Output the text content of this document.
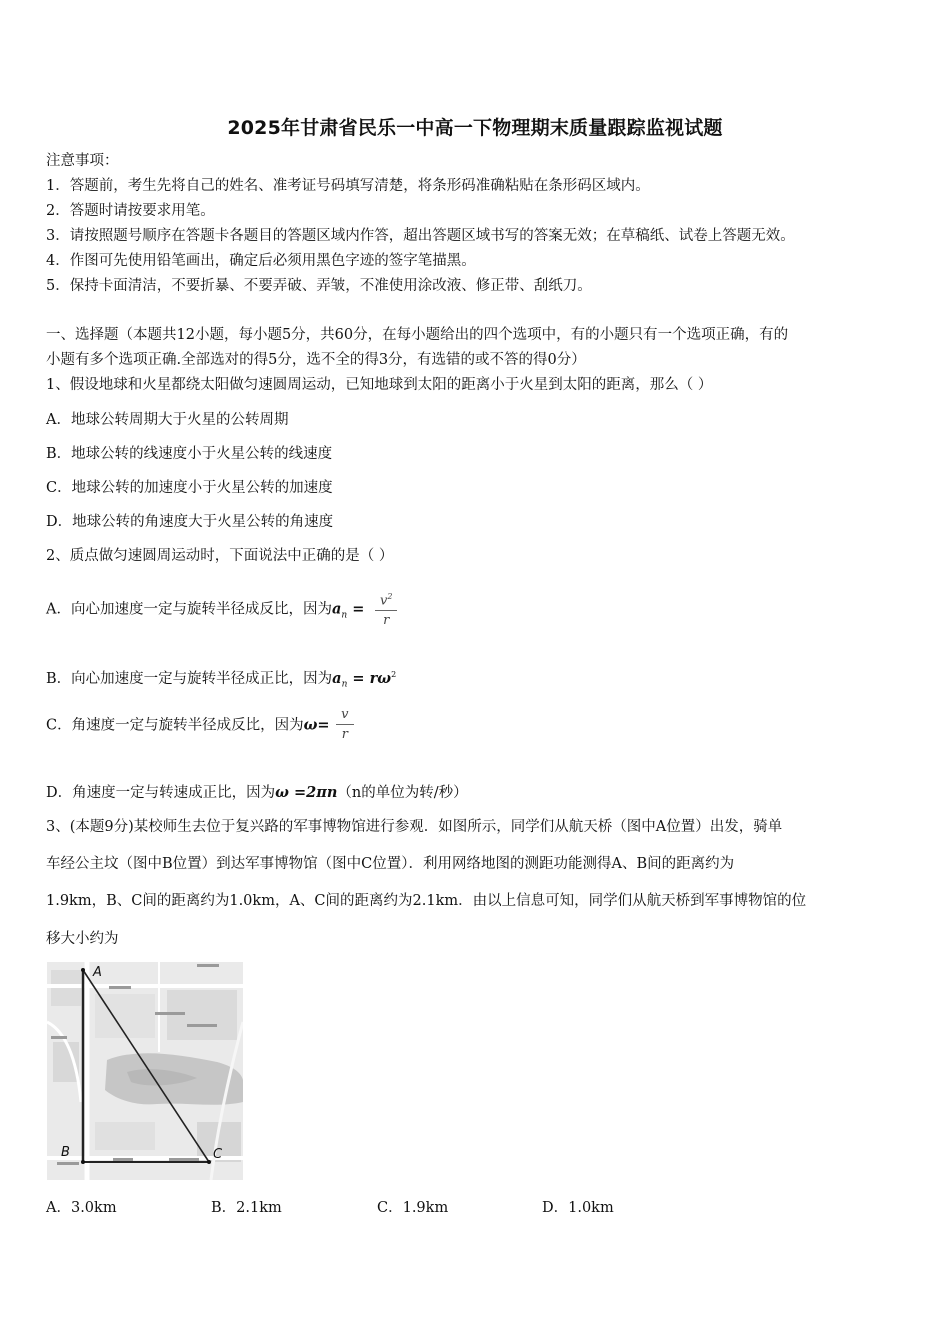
2025年甘肃省民乐一中高一下物理期末质量跟踪监视试题
注意事项：
1．答题前，考生先将自己的姓名、准考证号码填写清楚，将条形码准确粘贴在条形码区域内。
2．答题时请按要求用笔。
3．请按照题号顺序在答题卡各题目的答题区域内作答，超出答题区域书写的答案无效；在草稿纸、试卷上答题无效。
4．作图可先使用铅笔画出，确定后必须用黑色字迹的签字笔描黑。
5．保持卡面清洁，不要折暴、不要弄破、弄皱，不准使用涂改液、修正带、刮纸刀。
一、选择题（本题共12小题，每小题5分，共60分，在每小题给出的四个选项中，有的小题只有一个选项正确，有的
小题有多个选项正确.全部选对的得5分，选不全的得3分，有选错的或不答的得0分）
1、假设地球和火星都绕太阳做匀速圆周运动，已知地球到太阳的距离小于火星到太阳的距离，那么（ ）
A．地球公转周期大于火星的公转周期
B．地球公转的线速度小于火星公转的线速度
C．地球公转的加速度小于火星公转的加速度
D．地球公转的角速度大于火星公转的角速度
2、质点做匀速圆周运动时，下面说法中正确的是（ ）
A．向心加速度一定与旋转半径成反比，因为$a_n = \frac{v^2}{r}$
B．向心加速度一定与旋转半径成正比，因为$a_n = r\omega^2$
C．角速度一定与旋转半径成反比，因为$\omega= \frac{v}{r}$
D．角速度一定与转速成正比，因为ω =2πn（n的单位为转/秒）
3、(本题9分)某校师生去位于复兴路的军事博物馆进行参观．如图所示，同学们从航天桥（图中A位置）出发，骑单
车经公主坟（图中B位置）到达军事博物馆（图中C位置）．利用网络地图的测距功能测得A、B间的距离约为
1.9km，B、C间的距离约为1.0km，A、C间的距离约为2.1km．由以上信息可知，同学们从航天桥到军事博物馆的位
移大小约为
A
B	C
A．3.0km	B．2.1km	C．1.9km	D．1.0km
